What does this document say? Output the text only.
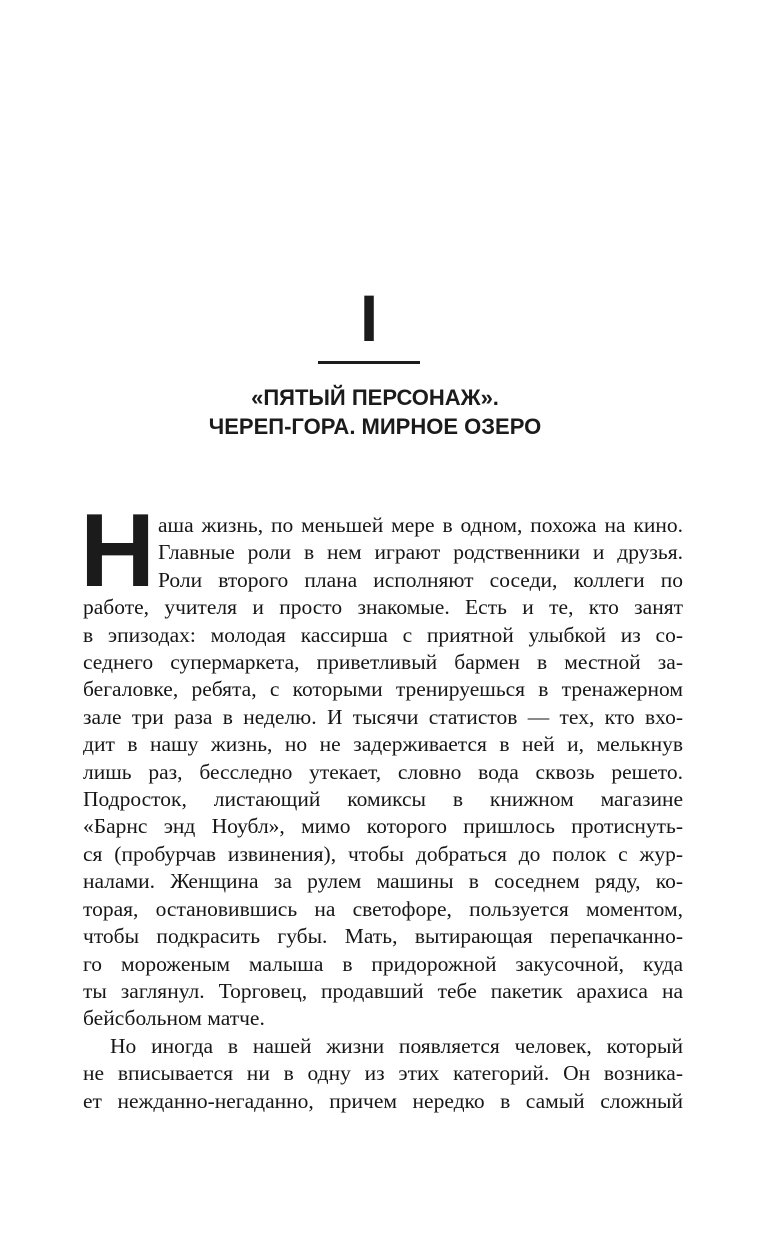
I
«ПЯТЫЙ ПЕРСОНАЖ».
ЧЕРЕП-ГОРА. МИРНОЕ ОЗЕРО
Н аша жизнь, по меньшей мере в одном, похожа на кино.
Главные роли в нем играют родственники и друзья.
Роли второго плана исполняют соседи, коллеги по
работе, учителя и просто знакомые. Есть и те, кто занят
в эпизодах: молодая кассирша с приятной улыбкой из со-
седнего супермаркета, приветливый бармен в местной за-
бегаловке, ребята, с которыми тренируешься в тренажерном
зале три раза в неделю. И тысячи статистов — тех, кто вхо-
дит в нашу жизнь, но не задерживается в ней и, мелькнув
лишь раз, бесследно утекает, словно вода сквозь решето.
Подросток, листающий комиксы в книжном магазине
«Барнс энд Ноубл», мимо которого пришлось протиснуть-
ся (пробурчав извинения), чтобы добраться до полок с жур-
налами. Женщина за рулем машины в соседнем ряду, ко-
торая, остановившись на светофоре, пользуется моментом,
чтобы подкрасить губы. Мать, вытирающая перепачканно-
го мороженым малыша в придорожной закусочной, куда
ты заглянул. Торговец, продавший тебе пакетик арахиса на
бейсбольном матче.
Но иногда в нашей жизни появляется человек, который
не вписывается ни в одну из этих категорий. Он возника-
ет нежданно-негаданно, причем нередко в самый сложный
